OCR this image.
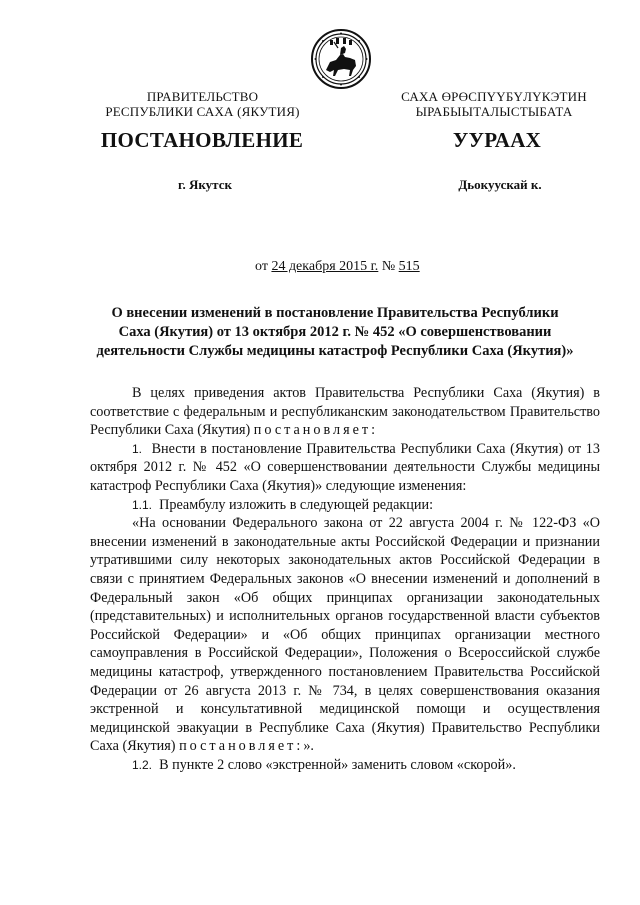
ПРАВИТЕЛЬСТВО
РЕСПУБЛИКИ САХА (ЯКУТИЯ)
САХА ӨРӨСПҮҮБҮЛҮКЭТИН
ЫРАБЫЫТАЛЫСТЫБАТА
ПОСТАНОВЛЕНИЕ	УУРААХ
г. Якутск	Дьокуускай к.
от 24 декабря 2015 г. № 515
О внесении изменений в постановление Правительства Республики
Саха (Якутия) от 13 октября 2012 г. № 452 «О совершенствовании
деятельности Службы медицины катастроф Республики Саха (Якутия)»

В целях приведения актов Правительства Республики Саха (Якутия) в соответствие с федеральным и республиканским законодательством Правительство Республики Саха (Якутия) постановляет:

1. Внести в постановление Правительства Республики Саха (Якутия) от 13 октября 2012 г. № 452 «О совершенствовании деятельности Службы медицины катастроф Республики Саха (Якутия)» следующие изменения:

1.1. Преамбулу изложить в следующей редакции:

«На основании Федерального закона от 22 августа 2004 г. № 122-ФЗ «О внесении изменений в законодательные акты Российской Федерации и признании утратившими силу некоторых законодательных актов Российской Федерации в связи с принятием Федеральных законов «О внесении изменений и дополнений в Федеральный закон «Об общих принципах организации законодательных (представительных) и исполнительных органов государственной власти субъектов Российской Федерации» и «Об общих принципах организации местного самоуправления в Российской Федерации», Положения о Всероссийской службе медицины катастроф, утвержденного постановлением Правительства Российской Федерации от 26 августа 2013 г. № 734, в целях совершенствования оказания экстренной и консультативной медицинской помощи и осуществления медицинской эвакуации в Республике Саха (Якутия) Правительство Республики Саха (Якутия) постановляет:».

1.2. В пункте 2 слово «экстренной» заменить словом «скорой».
